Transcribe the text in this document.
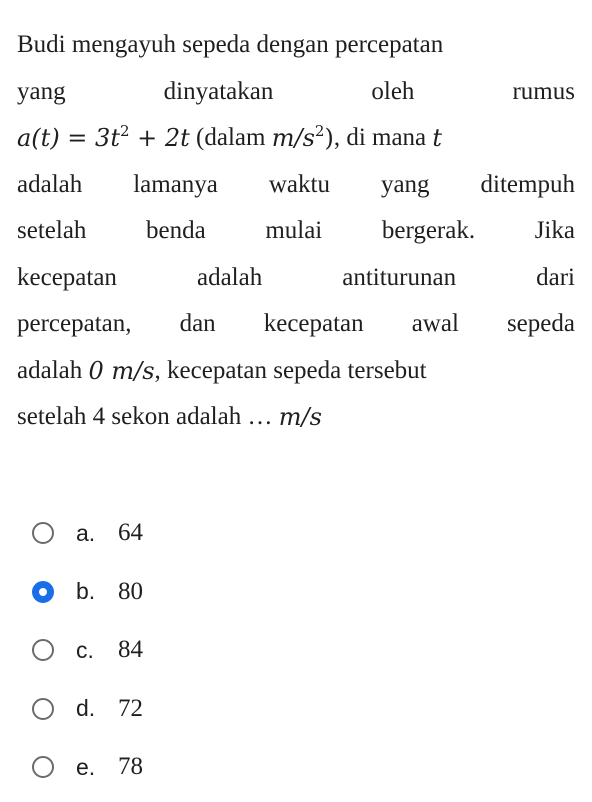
Budi mengayuh sepeda dengan percepatan
yang	dinyatakan	oleh	rumus
$a(t) = 3t^2 + 2t$ (dalam $m/s^2$) , di mana t
adalah lamanya waktu yang ditempuh
setelah benda mulai bergerak. Jika
kecepatan	adalah	antiturunan	dari
percepatan, dan kecepatan awal sepeda
adalah 0 m/s , kecepatan sepeda tersebut
setelah 4 sekon adalah … m/s
a. 64
b. 80
c. 84
d. 72
e. 78
